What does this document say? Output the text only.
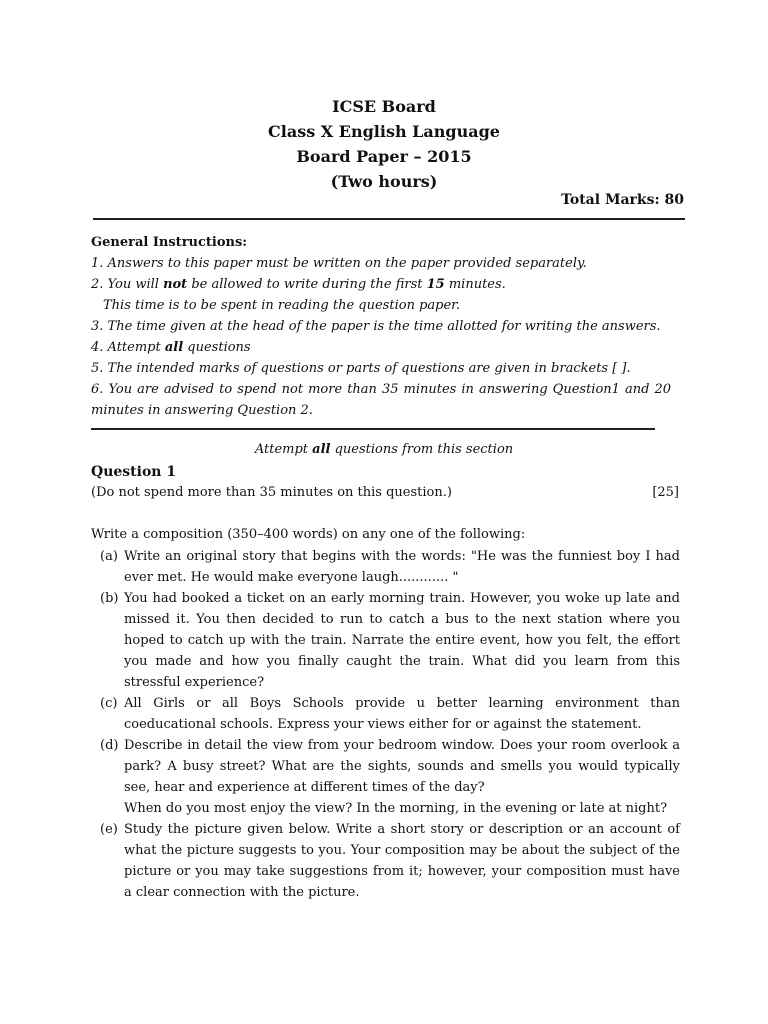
ICSE Board
Class X English Language
Board Paper – 2015
(Two hours)
Total Marks: 80
General Instructions:

1. Answers to this paper must be written on the paper provided separately.

2. You will not be allowed to write during the first 15 minutes.

This time is to be spent in reading the question paper.

3. The time given at the head of the paper is the time allotted for writing the answers.

4. Attempt all questions

5. The intended marks of questions or parts of questions are given in brackets [ ].

6. You are advised to spend not more than 35 minutes in answering Question1 and 20 minutes in answering Question 2.

Attempt all questions from this section
Question 1
(Do not spend more than 35 minutes on this question.)	[25]
Write a composition (350–400 words) on any one of the following:
(a) Write an original story that begins with the words: "He was the funniest boy I had ever met. He would make everyone laugh............ "
(b) You had booked a ticket on an early morning train. However, you woke up late and missed it. You then decided to run to catch a bus to the next station where you hoped to catch up with the train. Narrate the entire event, how you felt, the effort you made and how you finally caught the train. What did you learn from this stressful experience?
(c) All Girls or all Boys Schools provide u better learning environment than coeducational schools. Express your views either for or against the statement.
(d) Describe in detail the view from your bedroom window. Does your room overlook a park? A busy street? What are the sights, sounds and smells you would typically see, hear and experience at different times of the day?

When do you most enjoy the view? In the morning, in the evening or late at night?

(e) Study the picture given below. Write a short story or description or an account of what the picture suggests to you. Your composition may be about the subject of the picture or you may take suggestions from it; however, your composition must have a clear connection with the picture.
